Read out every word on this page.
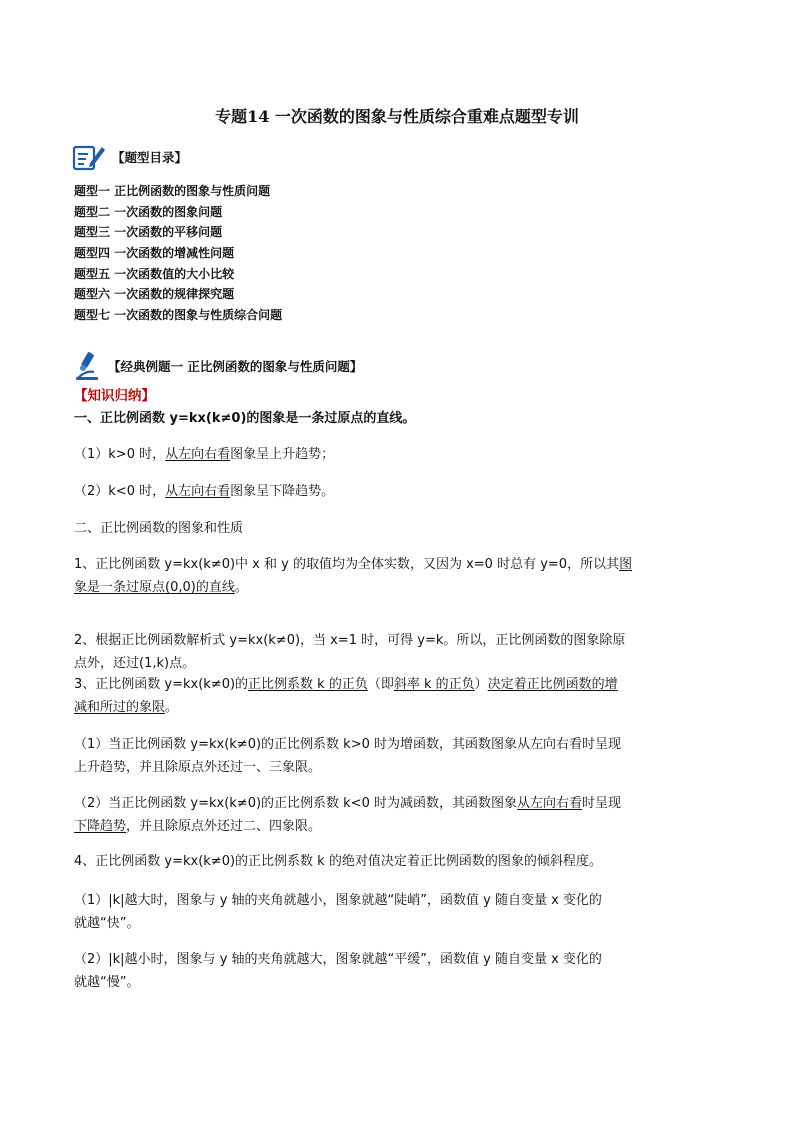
专题14 一次函数的图象与性质综合重难点题型专训
【题型目录】
题型一 正比例函数的图象与性质问题
题型二 一次函数的图象问题
题型三 一次函数的平移问题
题型四 一次函数的增减性问题
题型五 一次函数值的大小比较
题型六 一次函数的规律探究题
题型七 一次函数的图象与性质综合问题
【经典例题一 正比例函数的图象与性质问题】
【知识归纳】
一、正比例函数 y=kx(k≠0)的图象是一条过原点的直线。
（1）k>0 时，从左向右看图象呈上升趋势；
（2）k<0 时，从左向右看图象呈下降趋势。
二、正比例函数的图象和性质
1、正比例函数 y=kx(k≠0)中 x 和 y 的取值均为全体实数，又因为 x=0 时总有 y=0，所以其图
象是一条过原点(0,0)的直线。
2、根据正比例函数解析式 y=kx(k≠0)，当 x=1 时，可得 y=k。所以，正比例函数的图象除原
点外，还过(1,k)点。
3、正比例函数 y=kx(k≠0)的正比例系数 k 的正负（即斜率 k 的正负）决定着正比例函数的增
减和所过的象限。
（1）当正比例函数 y=kx(k≠0)的正比例系数 k>0 时为增函数，其函数图象从左向右看时呈现
上升趋势，并且除原点外还过一、三象限。
（2）当正比例函数 y=kx(k≠0)的正比例系数 k<0 时为减函数，其函数图象从左向右看时呈现
下降趋势，并且除原点外还过二、四象限。
4、正比例函数 y=kx(k≠0)的正比例系数 k 的绝对值决定着正比例函数的图象的倾斜程度。
（1）|k|越大时，图象与 y 轴的夹角就越小，图象就越“陡峭”，函数值 y 随自变量 x 变化的
就越“快”。
（2）|k|越小时，图象与 y 轴的夹角就越大，图象就越“平缓”，函数值 y 随自变量 x 变化的
就越“慢”。
